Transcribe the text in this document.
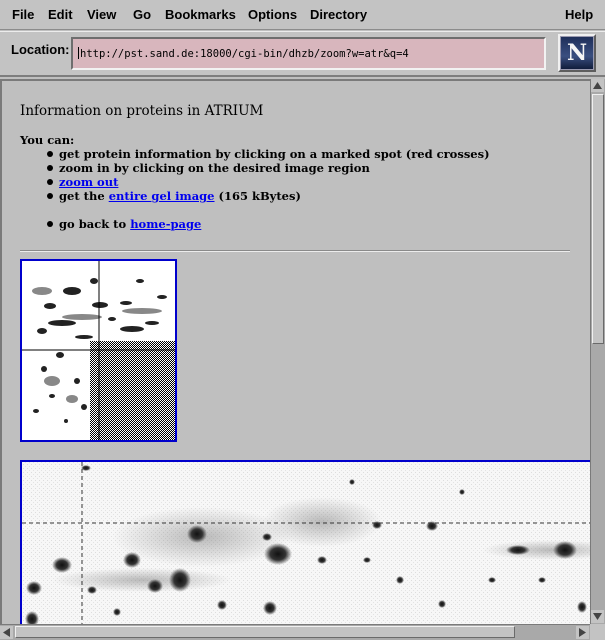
File Edit View Go Bookmarks Options Directory	Help
Location:	http://pst.sand.de:18000/cgi-bin/dhzb/zoom?w=atr&q=4	N
Information on proteins in ATRIUM
You can:
get protein information by clicking on a marked spot (red crosses)
zoom in by clicking on the desired image region
zoom out
get the entire gel image (165 kBytes)
go back to home-page
